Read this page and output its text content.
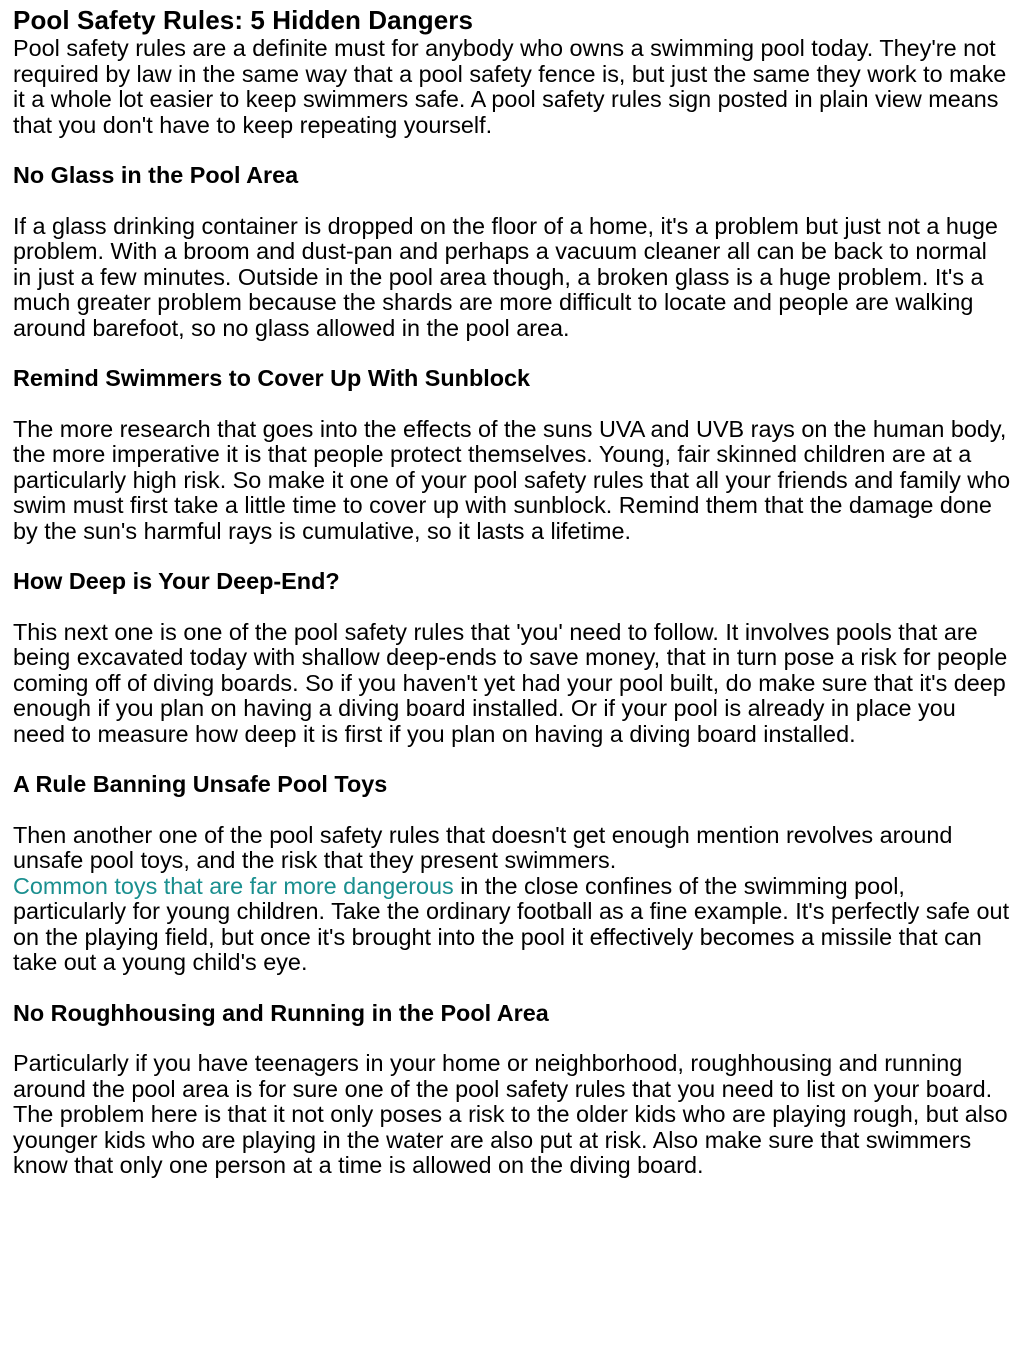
Pool Safety Rules: 5 Hidden Dangers

Pool safety rules are a definite must for anybody who owns a swimming pool today. They're not required by law in the same way that a pool safety fence is, but just the same they work to make it a whole lot easier to keep swimmers safe. A pool safety rules sign posted in plain view means that you don't have to keep repeating yourself.

No Glass in the Pool Area

If a glass drinking container is dropped on the floor of a home, it's a problem but just not a huge problem. With a broom and dust-pan and perhaps a vacuum cleaner all can be back to normal in just a few minutes. Outside in the pool area though, a broken glass is a huge problem. It's a much greater problem because the shards are more difficult to locate and people are walking around barefoot, so no glass allowed in the pool area.

Remind Swimmers to Cover Up With Sunblock

The more research that goes into the effects of the suns UVA and UVB rays on the human body, the more imperative it is that people protect themselves. Young, fair skinned children are at a particularly high risk. So make it one of your pool safety rules that all your friends and family who swim must first take a little time to cover up with sunblock. Remind them that the damage done by the sun's harmful rays is cumulative, so it lasts a lifetime.

How Deep is Your Deep-End?

This next one is one of the pool safety rules that 'you' need to follow. It involves pools that are being excavated today with shallow deep-ends to save money, that in turn pose a risk for people coming off of diving boards. So if you haven't yet had your pool built, do make sure that it's deep enough if you plan on having a diving board installed. Or if your pool is already in place you need to measure how deep it is first if you plan on having a diving board installed.

A Rule Banning Unsafe Pool Toys

Then another one of the pool safety rules that doesn't get enough mention revolves around unsafe pool toys, and the risk that they present swimmers.
Common toys that are far more dangerous in the close confines of the swimming pool, particularly for young children. Take the ordinary football as a fine example. It's perfectly safe out on the playing field, but once it's brought into the pool it effectively becomes a missile that can take out a young child's eye.

No Roughhousing and Running in the Pool Area

Particularly if you have teenagers in your home or neighborhood, roughhousing and running around the pool area is for sure one of the pool safety rules that you need to list on your board. The problem here is that it not only poses a risk to the older kids who are playing rough, but also younger kids who are playing in the water are also put at risk. Also make sure that swimmers know that only one person at a time is allowed on the diving board.
